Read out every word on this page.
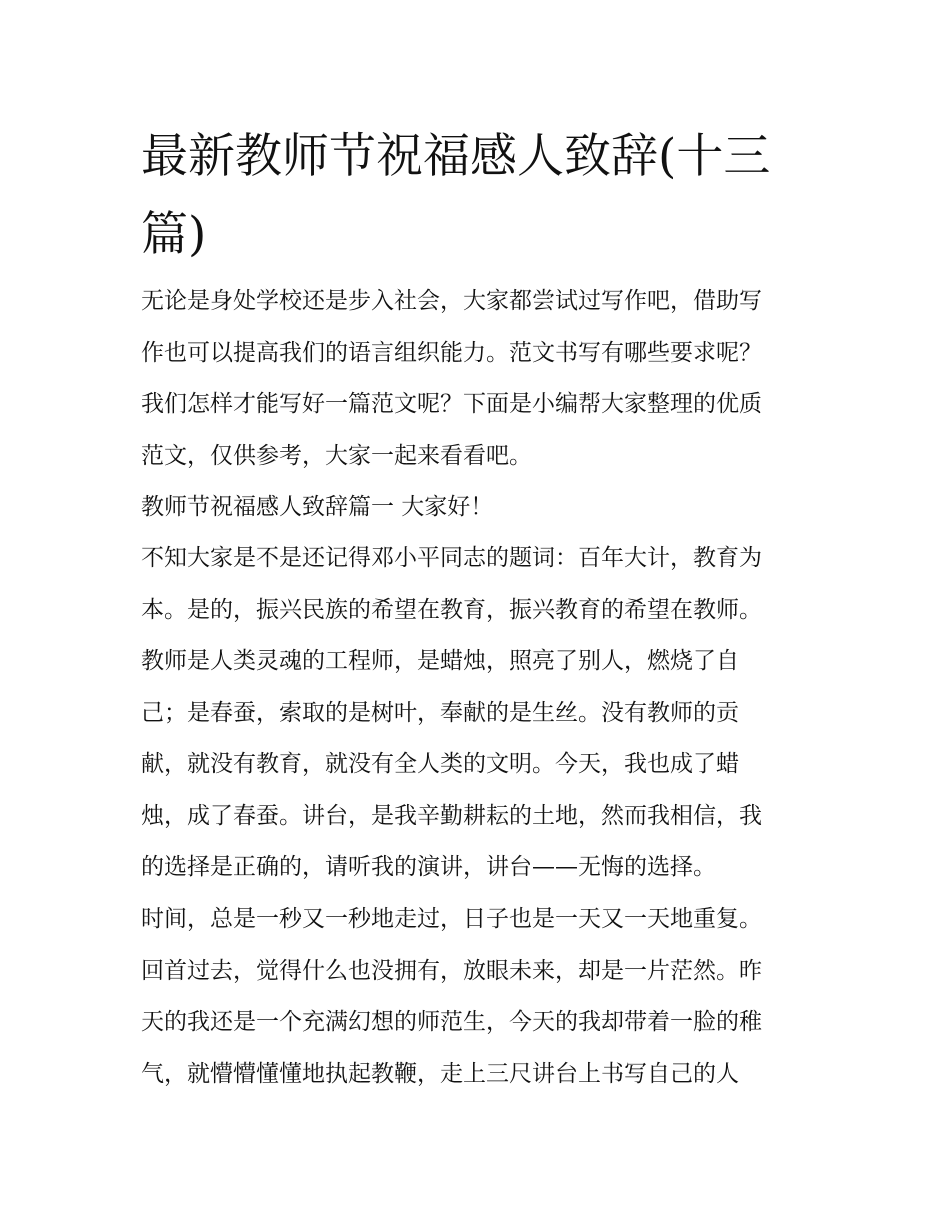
最新教师节祝福感人致辞(十三
篇)

无论是身处学校还是步入社会，大家都尝试过写作吧，借助写
作也可以提高我们的语言组织能力。范文书写有哪些要求呢？
我们怎样才能写好一篇范文呢？下面是小编帮大家整理的优质
范文，仅供参考，大家一起来看看吧。

教师节祝福感人致辞篇一 大家好！

不知大家是不是还记得邓小平同志的题词：百年大计，教育为
本。是的，振兴民族的希望在教育，振兴教育的希望在教师。
教师是人类灵魂的工程师，是蜡烛，照亮了别人，燃烧了自
己；是春蚕，索取的是树叶，奉献的是生丝。没有教师的贡
献，就没有教育，就没有全人类的文明。今天，我也成了蜡
烛，成了春蚕。讲台，是我辛勤耕耘的土地，然而我相信，我
的选择是正确的，请听我的演讲，讲台——无悔的选择。

时间，总是一秒又一秒地走过，日子也是一天又一天地重复。
回首过去，觉得什么也没拥有，放眼未来，却是一片茫然。昨
天的我还是一个充满幻想的师范生，今天的我却带着一脸的稚
气，就懵懵懂懂地执起教鞭，走上三尺讲台上书写自己的人
